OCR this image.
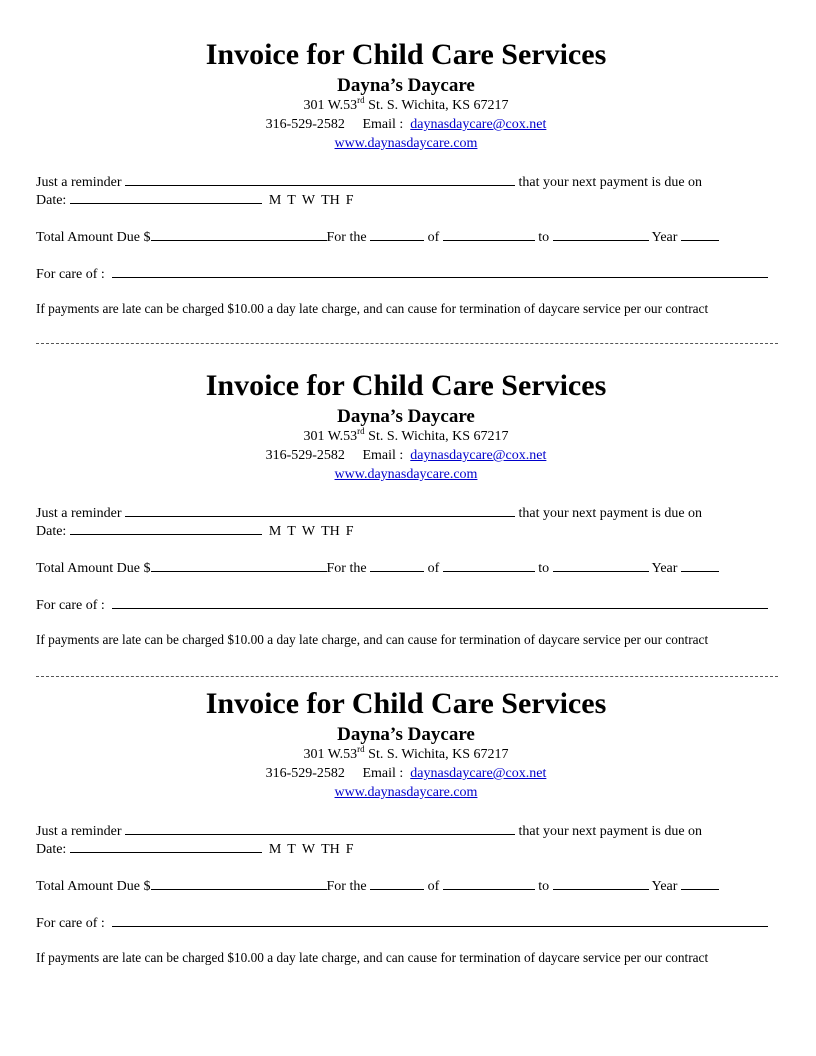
Invoice for Child Care Services
Dayna’s Daycare
301 W.53rd St. S. Wichita, KS 67217
316-529-2582 Email : daynasdaycare@cox.net
www.daynasdaycare.com
Just a reminder	that your next payment is due on
Date:	M T W TH F
Total Amount Due $	For the	of	to	Year
For care of :
If payments are late can be charged $10.00 a day late charge, and can cause for termination of daycare service per our contract
Invoice for Child Care Services
Dayna’s Daycare
301 W.53rd St. S. Wichita, KS 67217
316-529-2582 Email : daynasdaycare@cox.net
www.daynasdaycare.com
Just a reminder	that your next payment is due on
Date:	M T W TH F
Total Amount Due $	For the	of	to	Year
For care of :
If payments are late can be charged $10.00 a day late charge, and can cause for termination of daycare service per our contract
Invoice for Child Care Services
Dayna’s Daycare
301 W.53rd St. S. Wichita, KS 67217
316-529-2582 Email : daynasdaycare@cox.net
www.daynasdaycare.com
Just a reminder	that your next payment is due on
Date:	M T W TH F
Total Amount Due $	For the	of	to	Year
For care of :
If payments are late can be charged $10.00 a day late charge, and can cause for termination of daycare service per our contract
